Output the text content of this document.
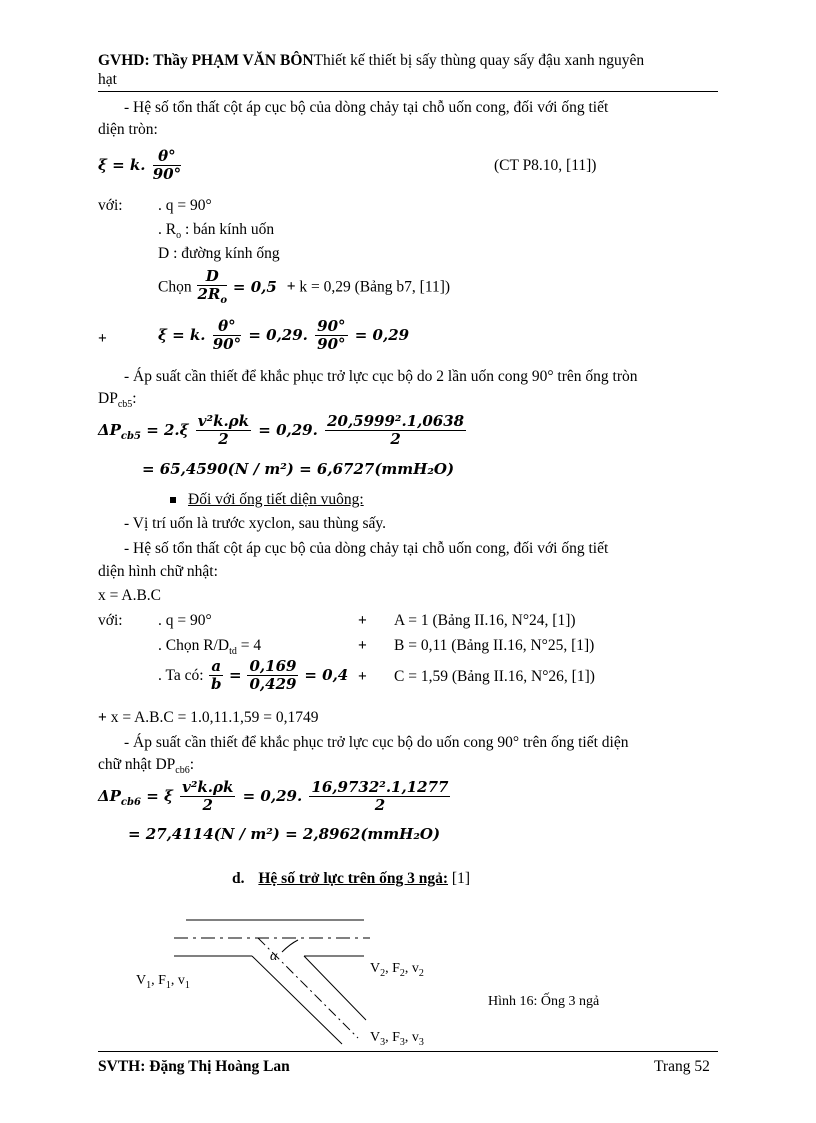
GVHD: Thầy PHẠM VĂN BÔNThiết kế thiết bị sấy thùng quay sấy đậu xanh nguyên
hạt
- Hệ số tổn thất cột áp cục bộ của dòng chảy tại chỗ uốn cong, đối với ống tiết
diện tròn:
ξ = k. $\frac{\theta^\circ}{90^\circ}$	(CT P8.10, [11])
với: . q = 90°
. $R_o$ : bán kính uốn
D : đường kính ống
Chọn $\frac{D}{2R_o} = 0,5 + k = 0,29$ (Bảng b7, [11])
+	ξ = k. $\frac{\theta^\circ}{90^\circ} = 0,29$. $\frac{90^\circ}{90^\circ} = 0,29$
- Áp suất cần thiết để khắc phục trở lực cục bộ do 2 lần uốn cong 90° trên ống tròn
$DP_{cb5}$:
$\Delta P_{cb5} = 2.\xi \frac{\text{v²k.ρk}}{2} = 0,29$. $\frac{\text{20,5999².1,0638}}{2}$
= 65,4590(N / m²) = 6,6727(mmH₂O)
Đối với ống tiết diện vuông:
- Vị trí uốn là trước xyclon, sau thùng sấy.
- Hệ số tổn thất cột áp cục bộ của dòng chảy tại chỗ uốn cong, đối với ống tiết
diện hình chữ nhật:
x = A.B.C
với: . q = 90°	+ A = 1 (Bảng II.16, N°24, [1])
. Chọn $R/D_{td} = 4$	+ B = 0,11 (Bảng II.16, N°25, [1])
. Ta có: $\frac{a}{b} = \frac{0,169}{0,429} = 0,4 + C = 1,59$ (Bảng II.16, N°26, [1])
+ x = A.B.C = 1.0,11.1,59 = 0,1749
- Áp suất cần thiết để khắc phục trở lực cục bộ do uốn cong 90° trên ống tiết diện
chữ nhật $DP_{cb6}$:
$\Delta P_{cb6} = \xi \frac{\text{v²k.ρk}}{2} = 0,29$. $\frac{\text{16,9732².1,1277}}{2}$
= 27,4114(N / m²) = 2,8962(mmH₂O)
d. Hệ số trở lực trên ống 3 ngả: [1]
α
$V_1$, $F_1$, $v_1$
$V_2$, $F_2$, $v_2$
$V_3$, $F_3$, $v_3$
Hình 16: Ống 3 ngả
SVTH: Đặng Thị Hoàng Lan	Trang 52
